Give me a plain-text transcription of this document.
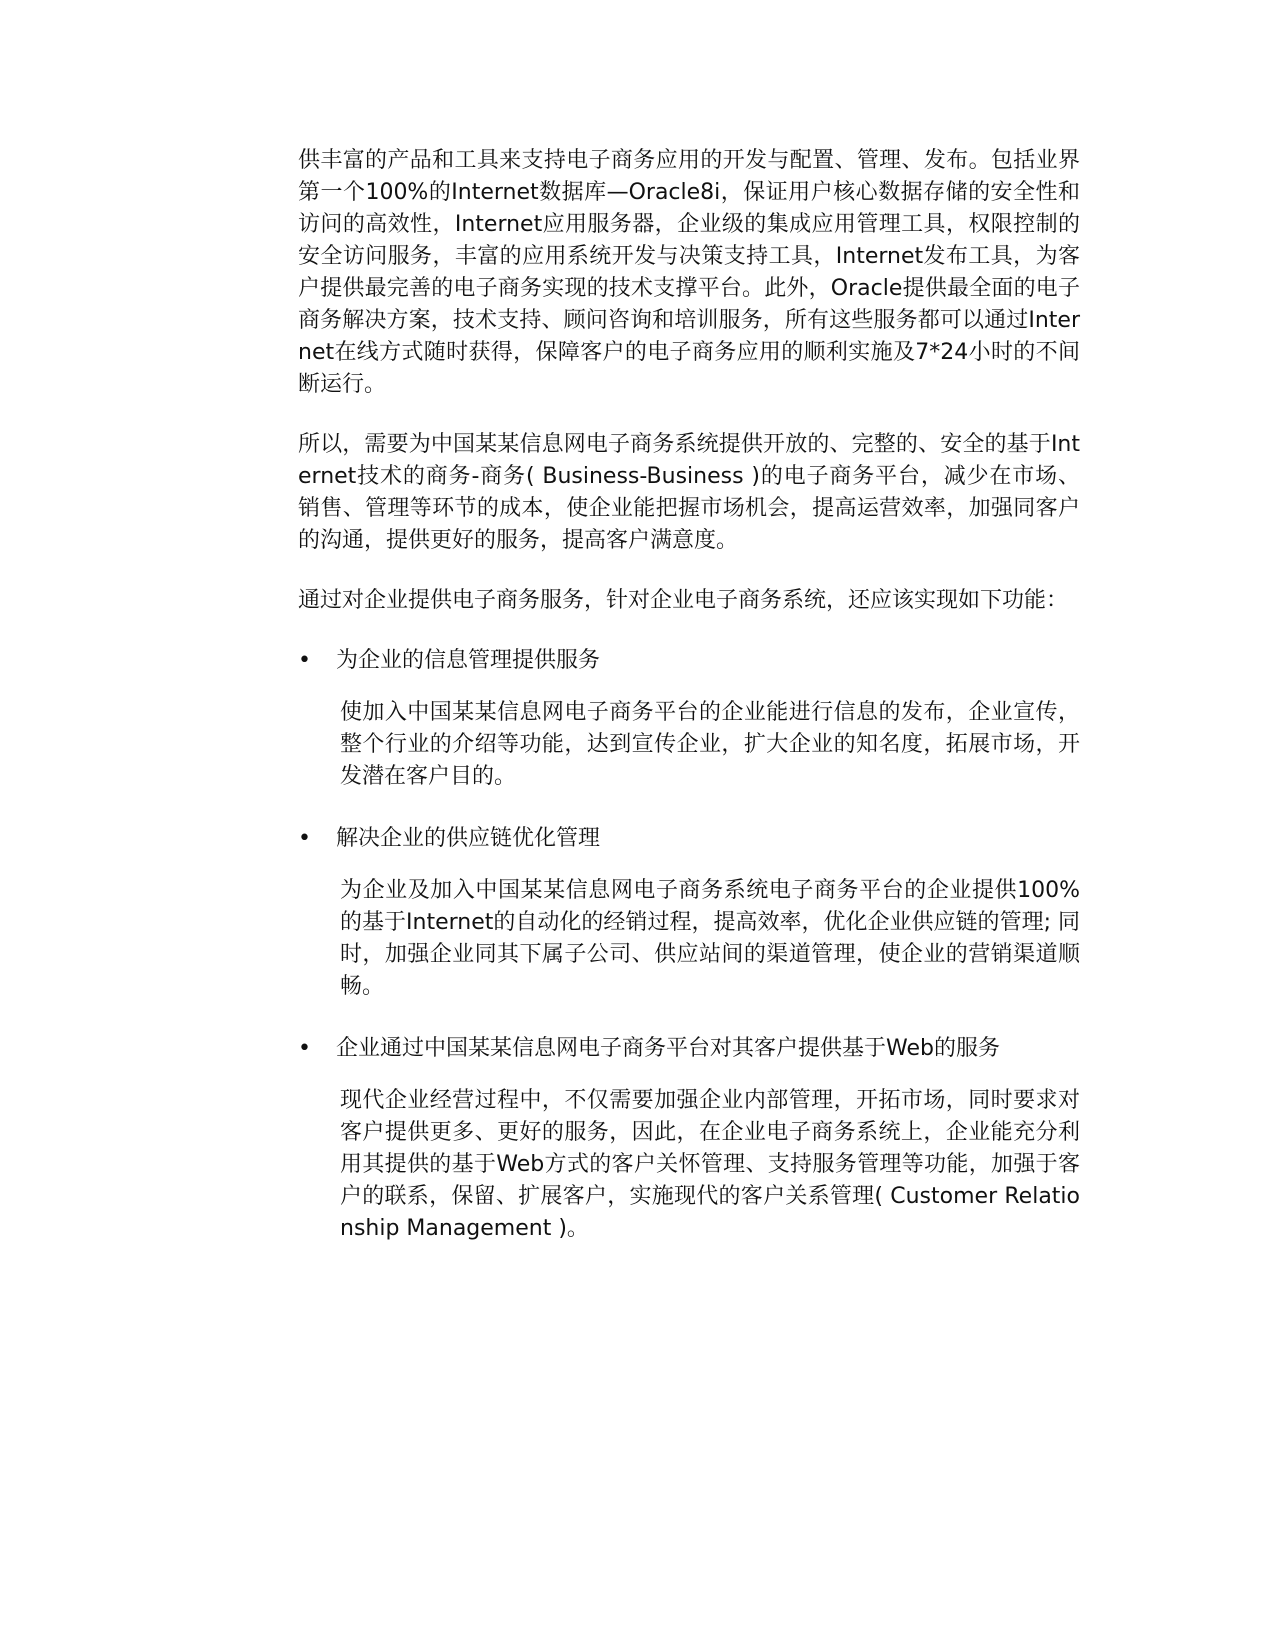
供丰富的产品和工具来支持电子商务应用的开发与配置、管理、发布。包括业界第一个100%的Internet数据库—Oracle8i，保证用户核心数据存储的安全性和访问的高效性，Internet应用服务器，企业级的集成应用管理工具，权限控制的安全访问服务，丰富的应用系统开发与决策支持工具，Internet发布工具，为客户提供最完善的电子商务实现的技术支撑平台。此外，Oracle提供最全面的电子商务解决方案，技术支持、顾问咨询和培训服务，所有这些服务都可以通过Internet在线方式随时获得，保障客户的电子商务应用的顺利实施及7*24小时的不间断运行。

所以，需要为中国某某信息网电子商务系统提供开放的、完整的、安全的基于Internet技术的商务-商务( Business-Business )的电子商务平台，减少在市场、销售、管理等环节的成本，使企业能把握市场机会，提高运营效率，加强同客户的沟通，提供更好的服务，提高客户满意度。

通过对企业提供电子商务服务，针对企业电子商务系统，还应该实现如下功能：

•	为企业的信息管理提供服务

使加入中国某某信息网电子商务平台的企业能进行信息的发布，企业宣传，整个行业的介绍等功能，达到宣传企业，扩大企业的知名度，拓展市场，开发潜在客户目的。

•	解决企业的供应链优化管理

为企业及加入中国某某信息网电子商务系统电子商务平台的企业提供100%的基于Internet的自动化的经销过程，提高效率，优化企业供应链的管理; 同时，加强企业同其下属子公司、供应站间的渠道管理，使企业的营销渠道顺畅。

•	企业通过中国某某信息网电子商务平台对其客户提供基于Web的服务

现代企业经营过程中，不仅需要加强企业内部管理，开拓市场，同时要求对客户提供更多、更好的服务，因此，在企业电子商务系统上，企业能充分利用其提供的基于Web方式的客户关怀管理、支持服务管理等功能，加强于客户的联系，保留、扩展客户，实施现代的客户关系管理( Customer Relationship Management )。
